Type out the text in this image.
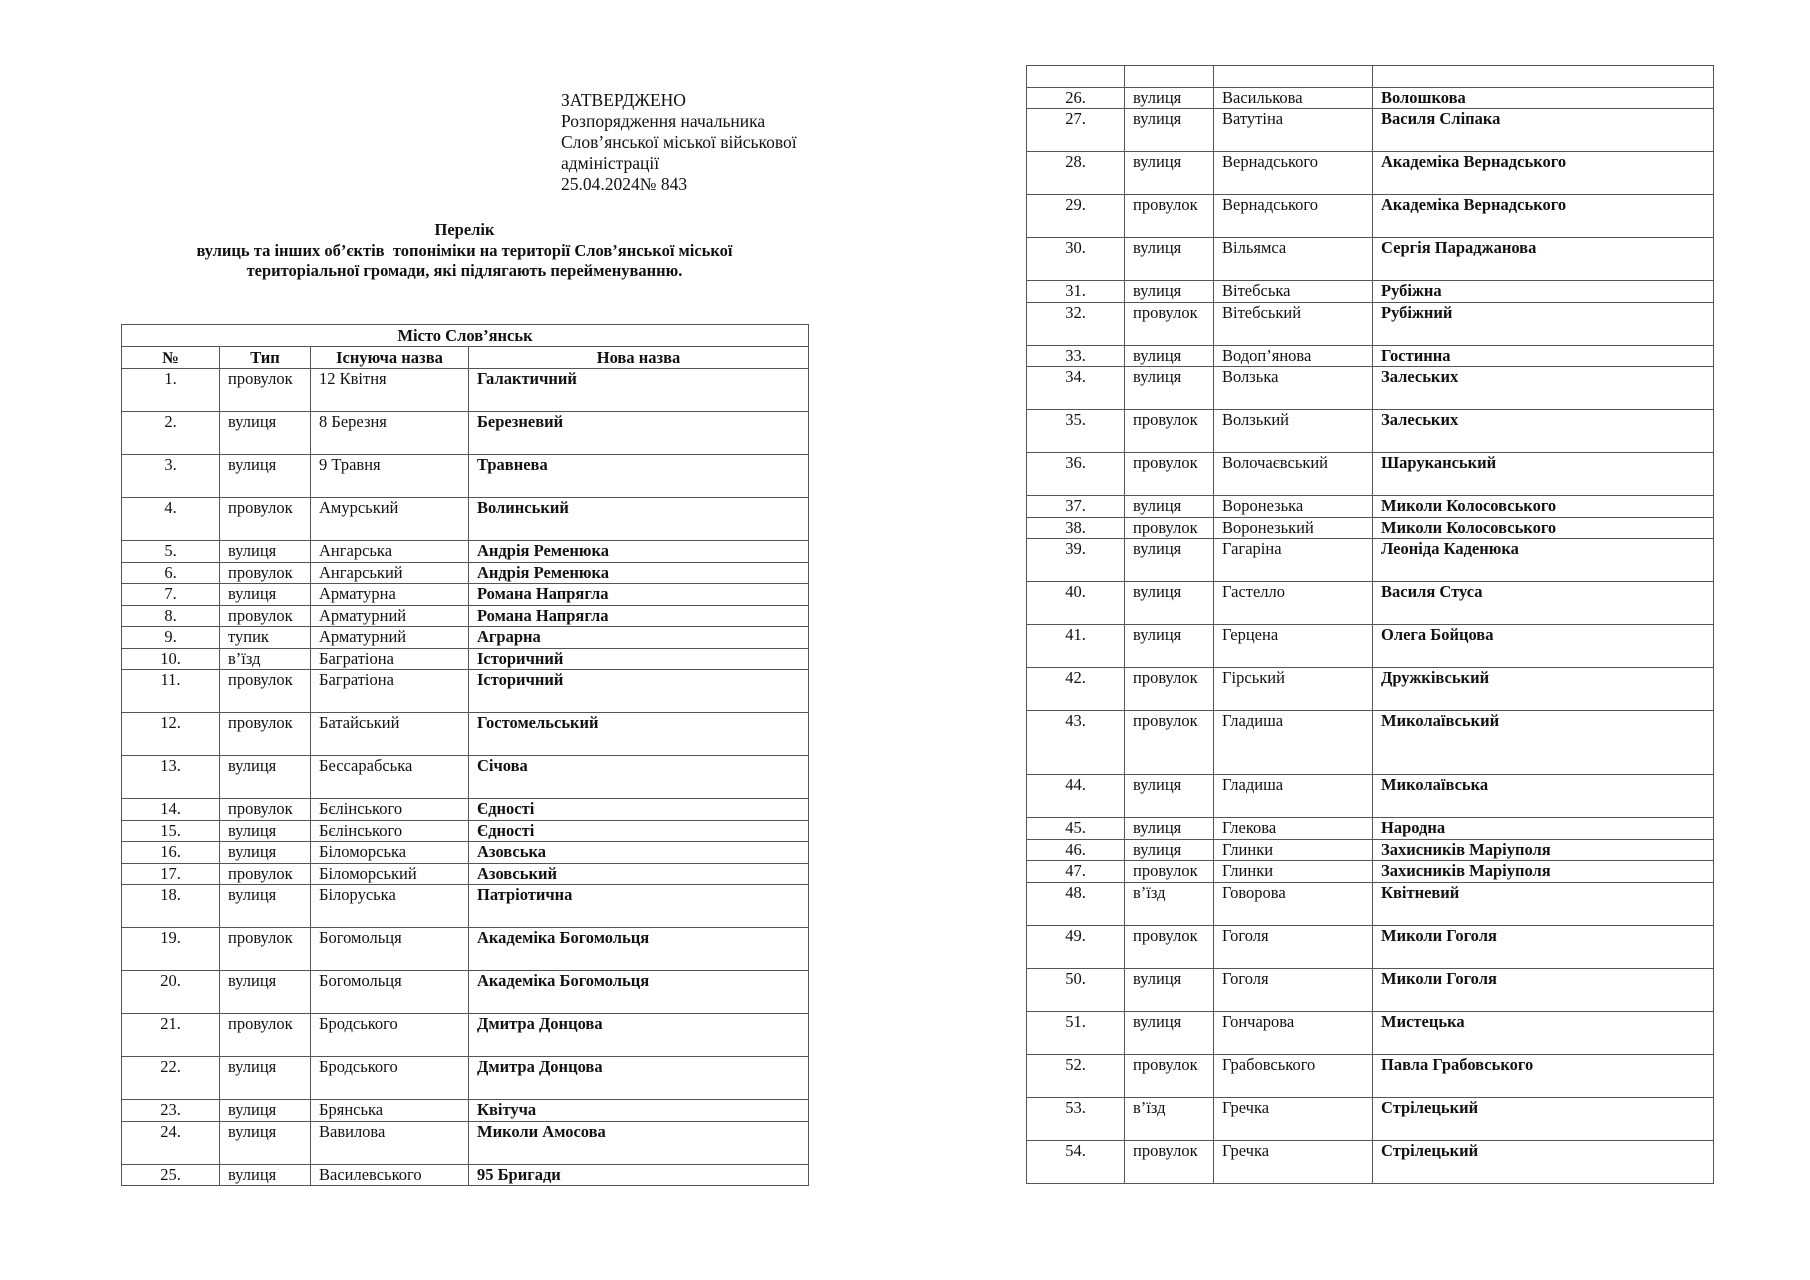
ЗАТВЕРДЖЕНО
Розпорядження начальника
Слов’янської міської військової
адміністрації
25.04.2024№ 843
Перелік
вулиць та інших об’єктів  топоніміки на території Слов’янської міської
територіальної громади, які підлягають перейменуванню.
Місто Слов’янськ			
№	Тип	Існуюча назва	Нова назва
1.	провулок	12 Квітня	Галактичний
2.	вулиця	8 Березня	Березневий
3.	вулиця	9 Травня	Травнева
4.	провулок	Амурський	Волинський
5.	вулиця	Ангарська	Андрія Ременюка
6.	провулок	Ангарський	Андрія Ременюка
7.	вулиця	Арматурна	Романа Напрягла
8.	провулок	Арматурний	Романа Напрягла
9.	тупик	Арматурний	Аграрна
10.	в’їзд	Багратіона	Історичний
11.	провулок	Багратіона	Історичний
12.	провулок	Батайський	Гостомельський
13.	вулиця	Бессарабська	Січова
14.	провулок	Бєлінського	Єдності
15.	вулиця	Бєлінського	Єдності
16.	вулиця	Біломорська	Азовська
17.	провулок	Біломорський	Азовський
18.	вулиця	Білоруська	Патріотична
19.	провулок	Богомольця	Академіка Богомольця
20.	вулиця	Богомольця	Академіка Богомольця
21.	провулок	Бродського	Дмитра Донцова
22.	вулиця	Бродського	Дмитра Донцова
23.	вулиця	Брянська	Квітуча
24.	вулиця	Вавилова	Миколи Амосова
25.	вулиця	Василевського	95 Бригади

26.	вулиця	Василькова	Волошкова
27.	вулиця	Ватутіна	Василя Сліпака
28.	вулиця	Вернадського	Академіка Вернадського
29.	провулок	Вернадського	Академіка Вернадського
30.	вулиця	Вільямса	Сергія Параджанова
31.	вулиця	Вітебська	Рубіжна
32.	провулок	Вітебський	Рубіжний
33.	вулиця	Водоп’янова	Гостинна
34.	вулиця	Волзька	Залеських
35.	провулок	Волзький	Залеських
36.	провулок	Волочаєвський	Шаруканський
37.	вулиця	Воронезька	Миколи Колосовського
38.	провулок	Воронезький	Миколи Колосовського
39.	вулиця	Гагаріна	Леоніда Каденюка
40.	вулиця	Гастелло	Василя Стуса
41.	вулиця	Герцена	Олега Бойцова
42.	провулок	Гірський	Дружківський
43.	провулок	Гладиша	Миколаївський
44.	вулиця	Гладиша	Миколаївська
45.	вулиця	Глекова	Народна
46.	вулиця	Глинки	Захисників Маріуполя
47.	провулок	Глинки	Захисників Маріуполя
48.	в’їзд	Говорова	Квітневий
49.	провулок	Гоголя	Миколи Гоголя
50.	вулиця	Гоголя	Миколи Гоголя
51.	вулиця	Гончарова	Мистецька
52.	провулок	Грабовського	Павла Грабовського
53.	в’їзд	Гречка	Стрілецький
54.	провулок	Гречка	Стрілецький
